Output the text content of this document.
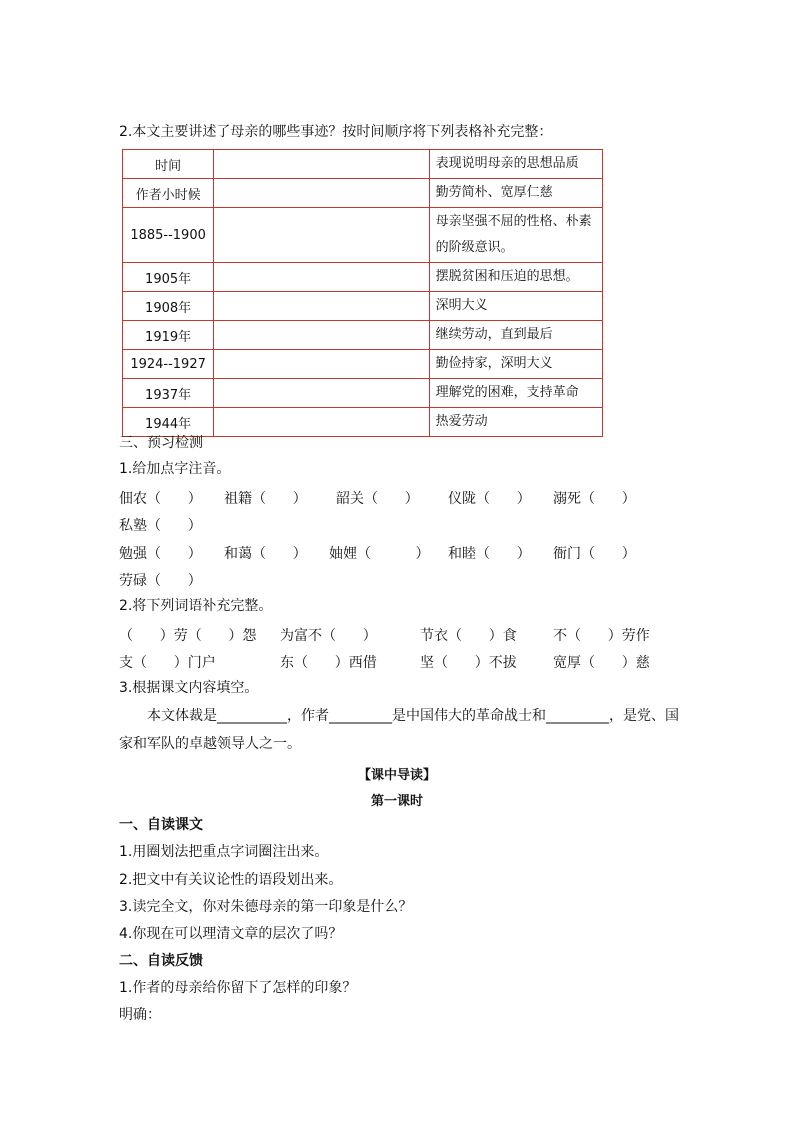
2.本文主要讲述了母亲的哪些事迹？按时间顺序将下列表格补充完整：
时间		表现说明母亲的思想品质
作者小时候		勤劳简朴、宽厚仁慈
1885--1900		母亲坚强不屈的性格、朴素的阶级意识。
1905年		摆脱贫困和压迫的思想。
1908年		深明大义
1919年		继续劳动，直到最后
1924--1927		勤俭持家，深明大义
1937年		理解党的困难，支持革命
1944年		热爱劳动
三、预习检测
1.给加点字注音。
佃农（      ） 祖籍（      ） 韶关（      ） 仪陇（      ） 溺死（      ）
私塾（      ）
勉强（      ） 和蔼（      ） 妯娌（          ） 和睦（      ） 衙门（      ）
劳碌（      ）
2.将下列词语补充完整。
（      ）劳（      ）怨 为富不（      ）	节衣（      ）食	不（      ）劳作
支（      ）门户	东（      ）西借	坚（      ）不拔	宽厚（      ）慈
3.根据课文内容填空。
本文体裁是__________，作者_________是中国伟大的革命战士和_________，是党、国
家和军队的卓越领导人之一。
【课中导读】
第一课时
一、自读课文
1.用圈划法把重点字词圈注出来。
2.把文中有关议论性的语段划出来。
3.读完全文，你对朱德母亲的第一印象是什么？
4.你现在可以理清文章的层次了吗？
二、自读反馈
1.作者的母亲给你留下了怎样的印象？
明确：
